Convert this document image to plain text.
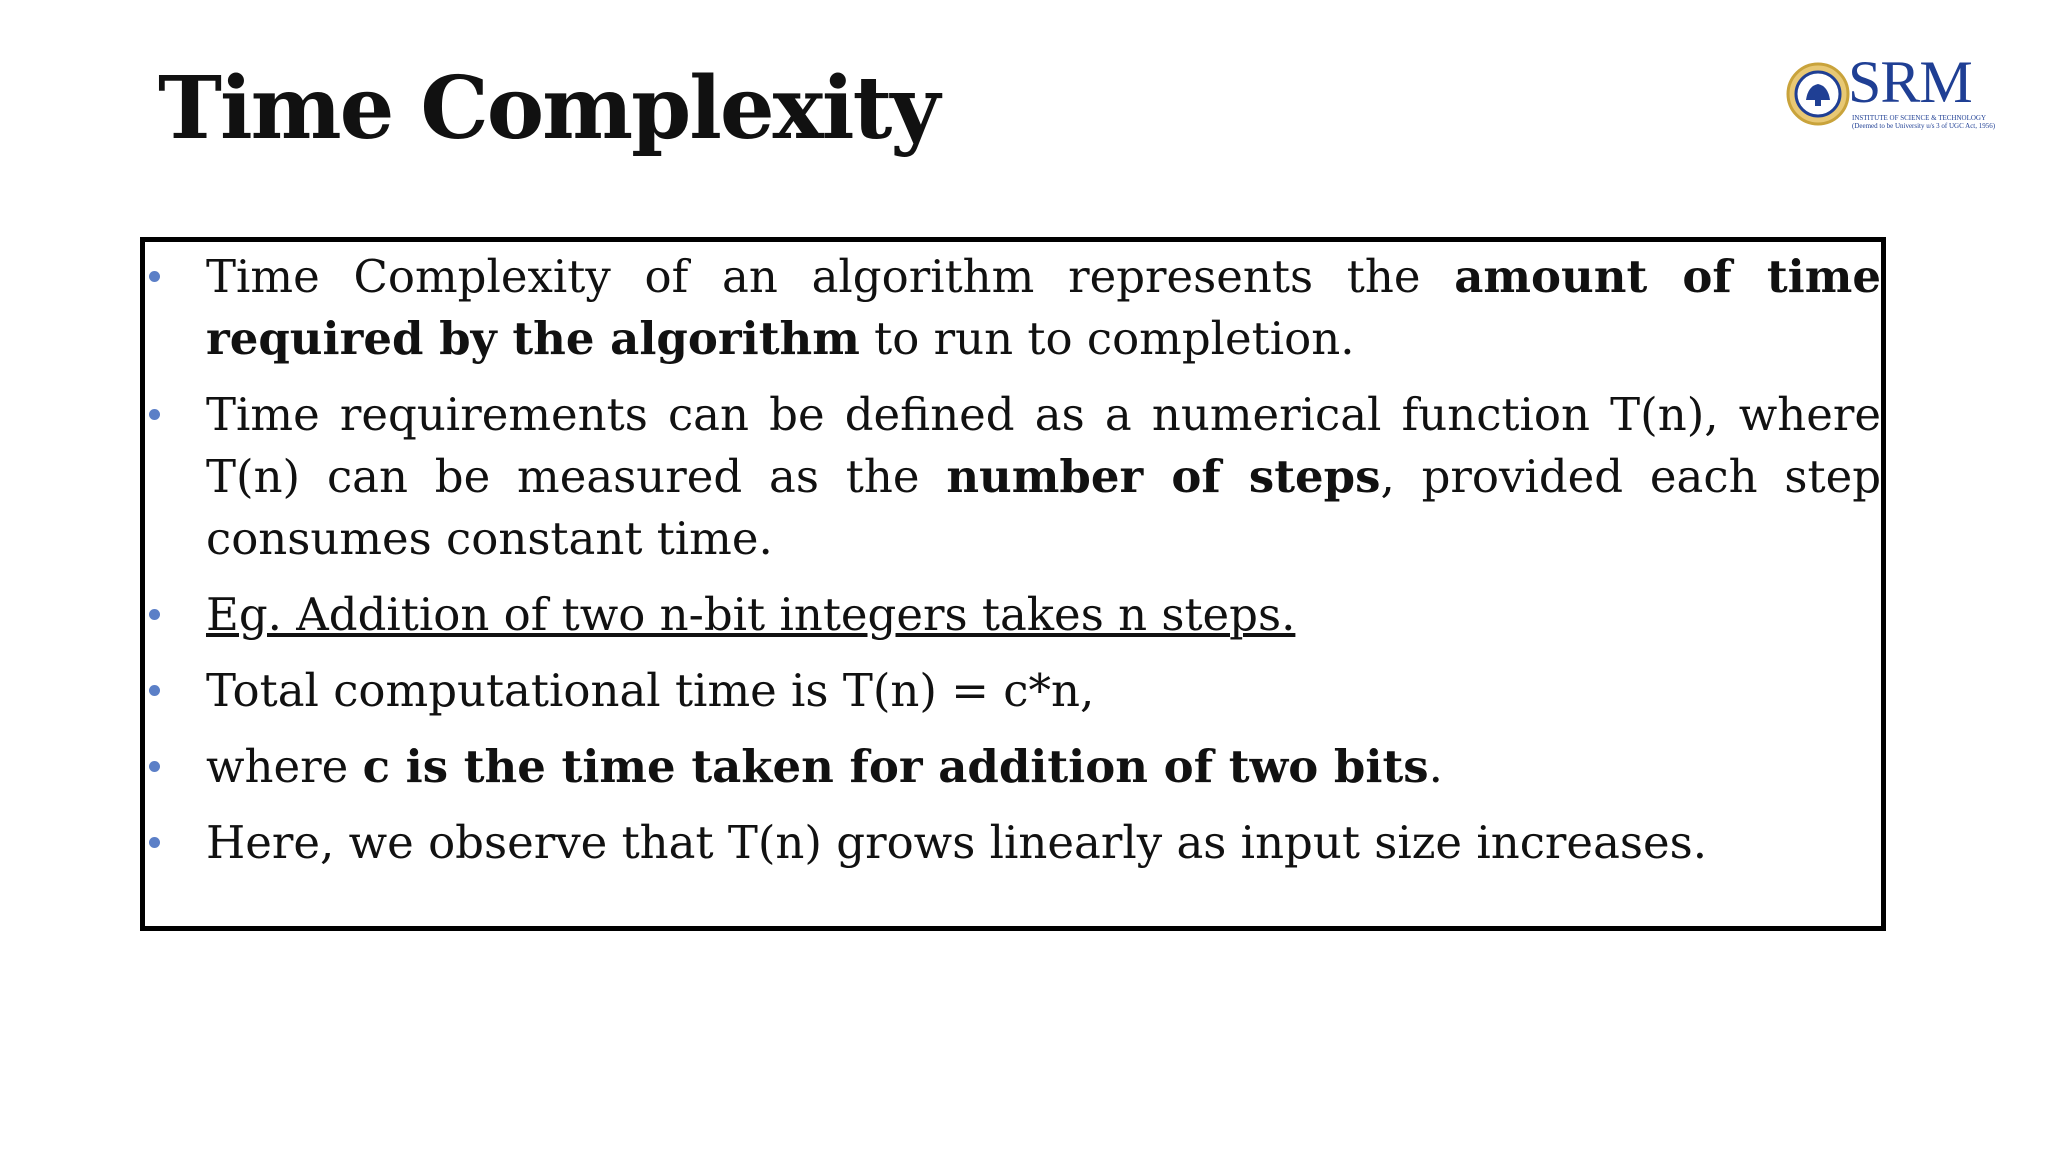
Time Complexity	SRM
INSTITUTE OF SCIENCE & TECHNOLOGY
(Deemed to be University u/s 3 of UGC Act, 1956)
Time Complexity of an algorithm represents the amount of time required by the algorithm to run to completion.
Time requirements can be defined as a numerical function T(n), where T(n) can be measured as the number of steps, provided each step consumes constant time.
Eg. Addition of two n-bit integers takes n steps.
Total computational time is T(n) = c*n,
where c is the time taken for addition of two bits.
Here, we observe that T(n) grows linearly as input size increases.
